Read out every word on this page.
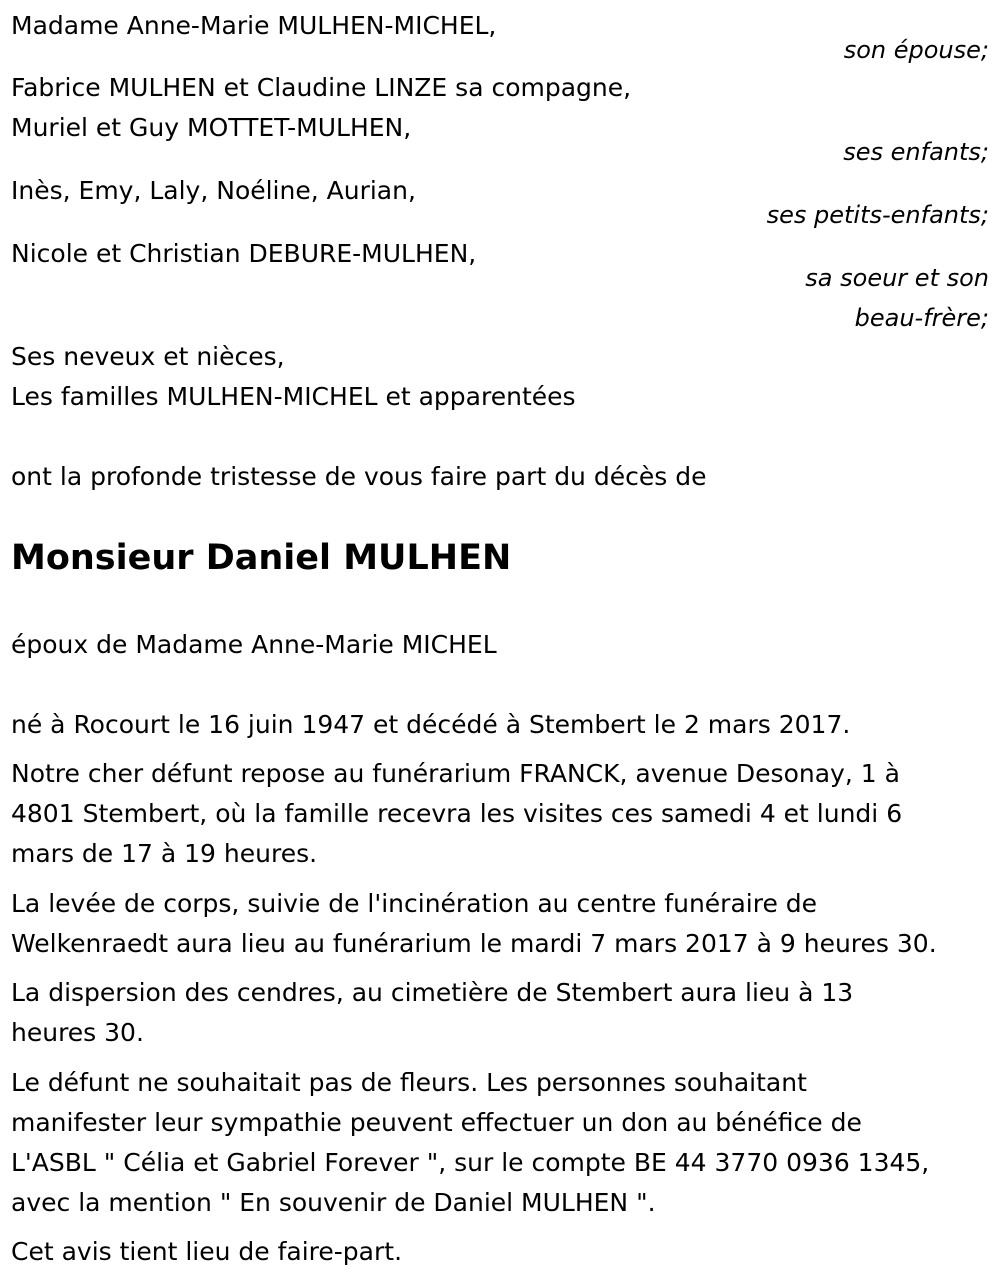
Madame Anne-Marie MULHEN-MICHEL,

son épouse;

Fabrice MULHEN et Claudine LINZE sa compagne,

Muriel et Guy MOTTET-MULHEN,

ses enfants;

Inès, Emy, Laly, Noéline, Aurian,

ses petits-enfants;

Nicole et Christian DEBURE-MULHEN,

sa soeur et son

beau-frère;

Ses neveux et nièces,

Les familles MULHEN-MICHEL et apparentées

ont la profonde tristesse de vous faire part du décès de

Monsieur Daniel MULHEN

époux de Madame Anne-Marie MICHEL

né à Rocourt le 16 juin 1947 et décédé à Stembert le 2 mars 2017.

Notre cher défunt repose au funérarium FRANCK, avenue Desonay, 1 à

4801 Stembert, où la famille recevra les visites ces samedi 4 et lundi 6

mars de 17 à 19 heures.

La levée de corps, suivie de l'incinération au centre funéraire de

Welkenraedt aura lieu au funérarium le mardi 7 mars 2017 à 9 heures 30.

La dispersion des cendres, au cimetière de Stembert aura lieu à 13

heures 30.

Le défunt ne souhaitait pas de fleurs. Les personnes souhaitant

manifester leur sympathie peuvent effectuer un don au bénéfice de

L'ASBL " Célia et Gabriel Forever ", sur le compte BE 44 3770 0936 1345,

avec la mention " En souvenir de Daniel MULHEN ".

Cet avis tient lieu de faire-part.
